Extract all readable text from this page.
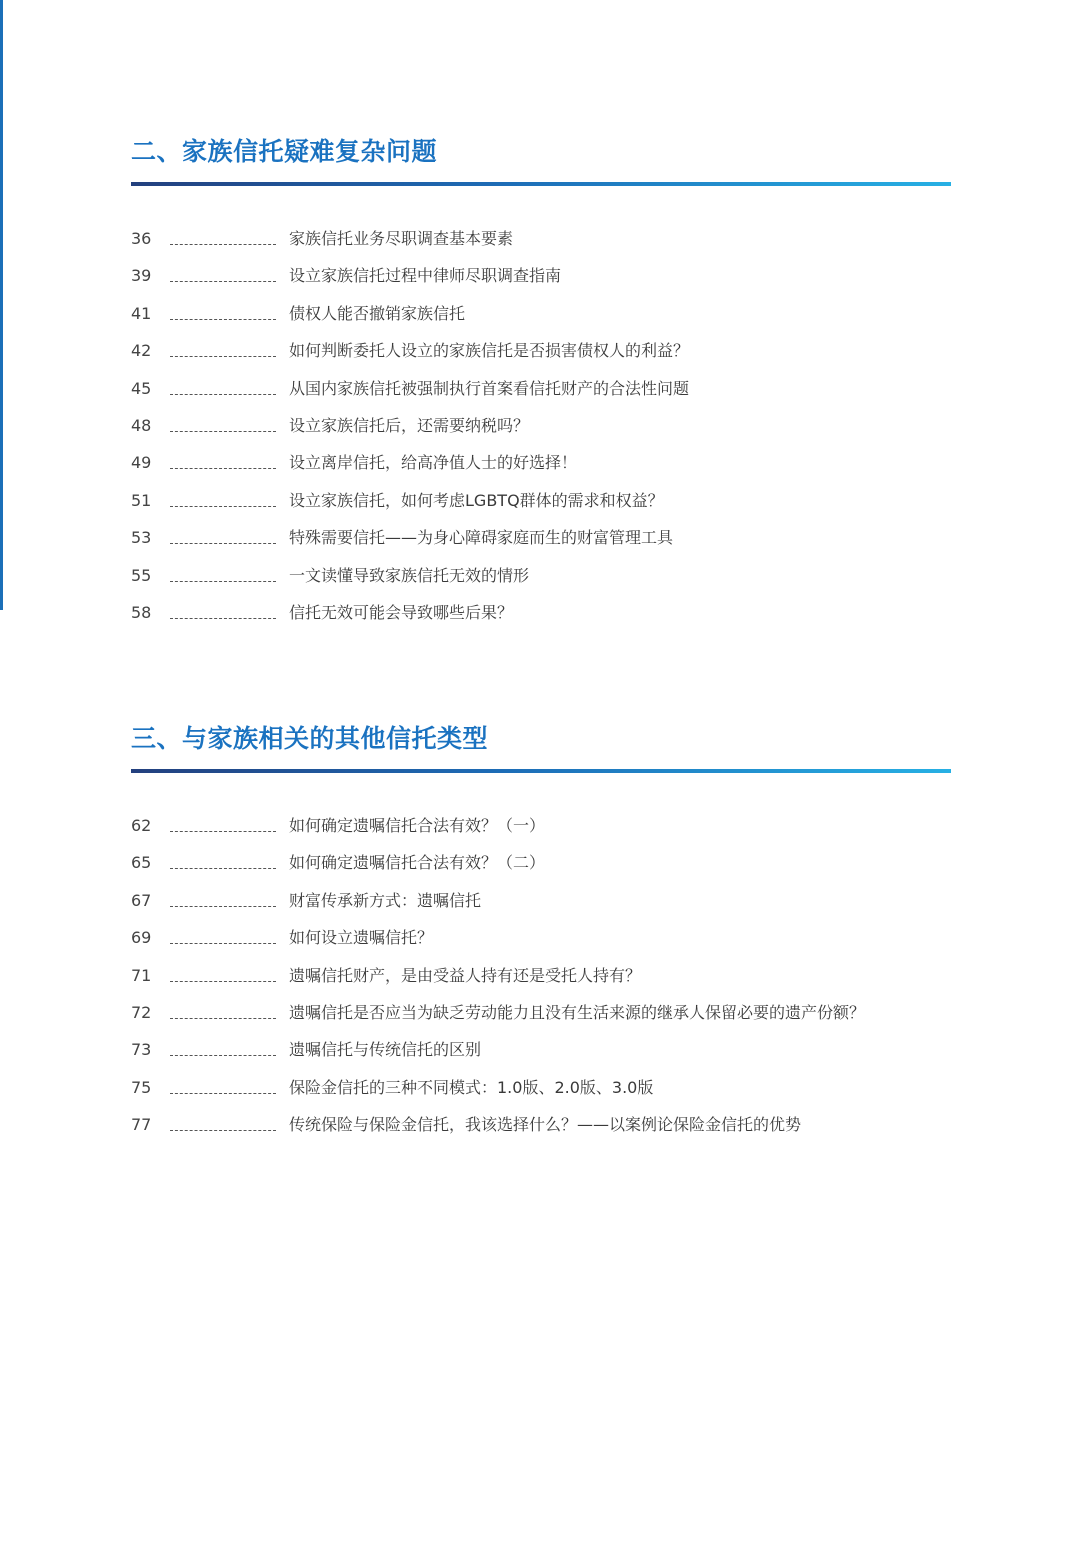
二、家族信托疑难复杂问题
36	家族信托业务尽职调查基本要素
39	设立家族信托过程中律师尽职调查指南
41	债权人能否撤销家族信托
42	如何判断委托人设立的家族信托是否损害债权人的利益？
45	从国内家族信托被强制执行首案看信托财产的合法性问题
48	设立家族信托后，还需要纳税吗？
49	设立离岸信托，给高净值人士的好选择！
51	设立家族信托，如何考虑LGBTQ群体的需求和权益？
53	特殊需要信托——为身心障碍家庭而生的财富管理工具
55	一文读懂导致家族信托无效的情形
58	信托无效可能会导致哪些后果？
三、与家族相关的其他信托类型
62	如何确定遗嘱信托合法有效？（一）
65	如何确定遗嘱信托合法有效？（二）
67	财富传承新方式：遗嘱信托
69	如何设立遗嘱信托？
71	遗嘱信托财产，是由受益人持有还是受托人持有？
72	遗嘱信托是否应当为缺乏劳动能力且没有生活来源的继承人保留必要的遗产份额？
73	遗嘱信托与传统信托的区别
75	保险金信托的三种不同模式：1.0版、2.0版、3.0版
77	传统保险与保险金信托，我该选择什么？——以案例论保险金信托的优势
